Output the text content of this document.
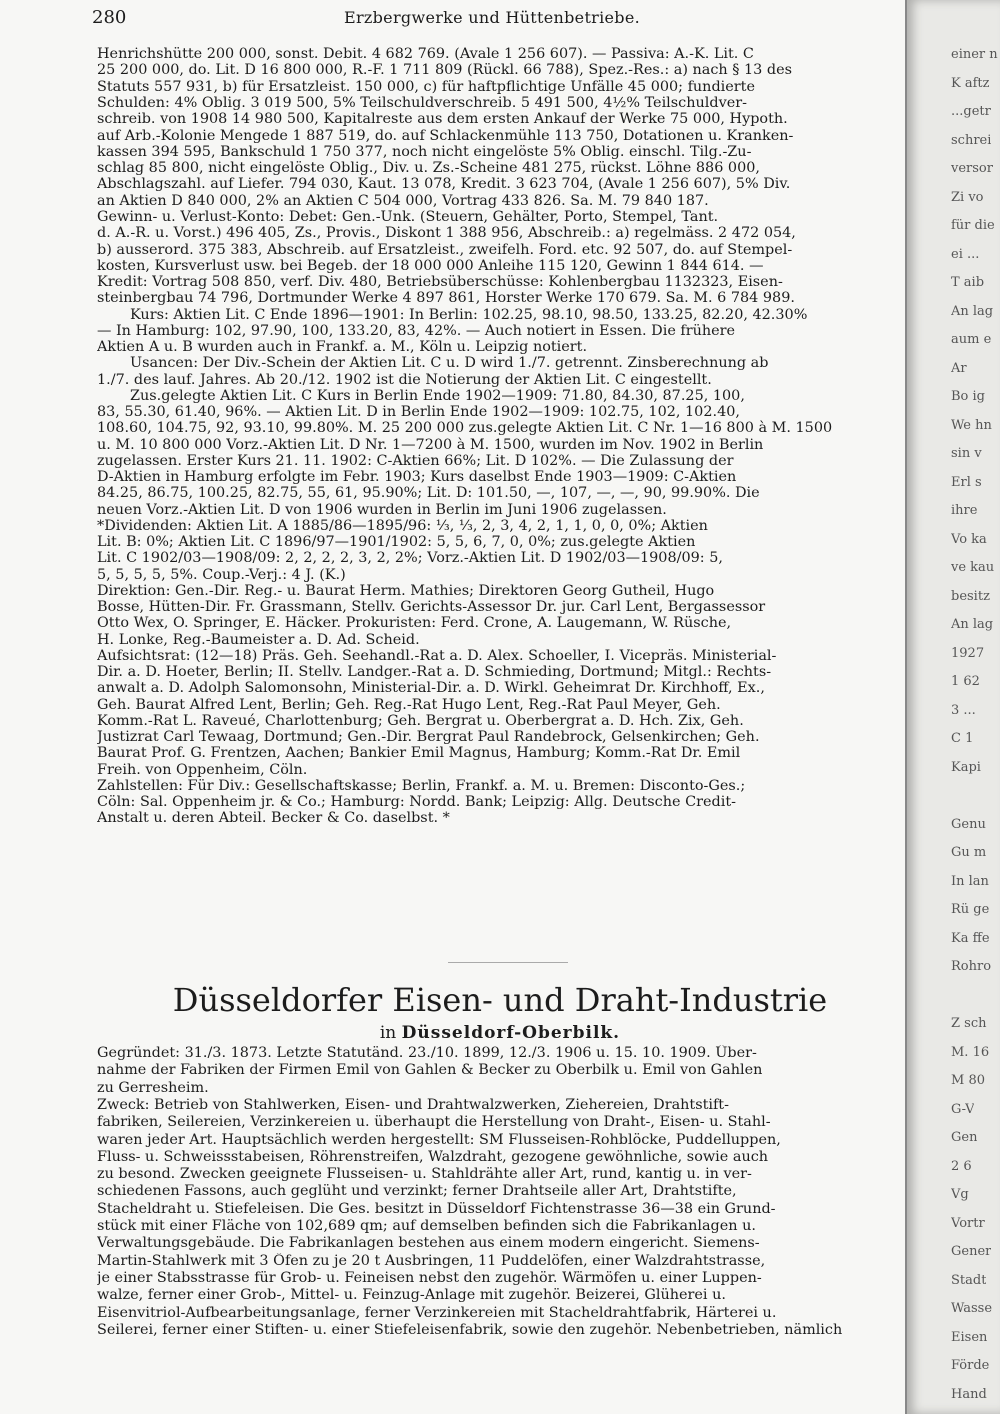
280	Erzbergwerke und Hüttenbetriebe.
Henrichshütte 200 000, sonst. Debit. 4 682 769. (Avale 1 256 607). — Passiva: A.-K. Lit. C
25 200 000, do. Lit. D 16 800 000, R.-F. 1 711 809 (Rückl. 66 788), Spez.-Res.: a) nach § 13 des
Statuts 557 931, b) für Ersatzleist. 150 000, c) für haftpflichtige Unfälle 45 000; fundierte
Schulden: 4% Oblig. 3 019 500, 5% Teilschuldverschreib. 5 491 500, 4½% Teilschuldver-
schreib. von 1908 14 980 500, Kapitalreste aus dem ersten Ankauf der Werke 75 000, Hypoth.
auf Arb.-Kolonie Mengede 1 887 519, do. auf Schlackenmühle 113 750, Dotationen u. Kranken-
kassen 394 595, Bankschuld 1 750 377, noch nicht eingelöste 5% Oblig. einschl. Tilg.-Zu-
schlag 85 800, nicht eingelöste Oblig., Div. u. Zs.-Scheine 481 275, rückst. Löhne 886 000,
Abschlagszahl. auf Liefer. 794 030, Kaut. 13 078, Kredit. 3 623 704, (Avale 1 256 607), 5% Div.
an Aktien D 840 000, 2% an Aktien C 504 000, Vortrag 433 826. Sa. M. 79 840 187.
Gewinn- u. Verlust-Konto: Debet: Gen.-Unk. (Steuern, Gehälter, Porto, Stempel, Tant.
d. A.-R. u. Vorst.) 496 405, Zs., Provis., Diskont 1 388 956, Abschreib.: a) regelmäss. 2 472 054,
b) ausserord. 375 383, Abschreib. auf Ersatzleist., zweifelh. Ford. etc. 92 507, do. auf Stempel-
kosten, Kursverlust usw. bei Begeb. der 18 000 000 Anleihe 115 120, Gewinn 1 844 614. —
Kredit: Vortrag 508 850, verf. Div. 480, Betriebsüberschüsse: Kohlenbergbau 1132323, Eisen-
steinbergbau 74 796, Dortmunder Werke 4 897 861, Horster Werke 170 679. Sa. M. 6 784 989.
Kurs: Aktien Lit. C Ende 1896—1901: In Berlin: 102.25, 98.10, 98.50, 133.25, 82.20, 42.30%
— In Hamburg: 102, 97.90, 100, 133.20, 83, 42%. — Auch notiert in Essen. Die frühere
Aktien A u. B wurden auch in Frankf. a. M., Köln u. Leipzig notiert.
Usancen: Der Div.-Schein der Aktien Lit. C u. D wird 1./7. getrennt. Zinsberechnung ab
1./7. des lauf. Jahres. Ab 20./12. 1902 ist die Notierung der Aktien Lit. C eingestellt.
Zus.gelegte Aktien Lit. C Kurs in Berlin Ende 1902—1909: 71.80, 84.30, 87.25, 100,
83, 55.30, 61.40, 96%. — Aktien Lit. D in Berlin Ende 1902—1909: 102.75, 102, 102.40,
108.60, 104.75, 92, 93.10, 99.80%. M. 25 200 000 zus.gelegte Aktien Lit. C Nr. 1—16 800 à M. 1500
u. M. 10 800 000 Vorz.-Aktien Lit. D Nr. 1—7200 à M. 1500, wurden im Nov. 1902 in Berlin
zugelassen. Erster Kurs 21. 11. 1902: C-Aktien 66%; Lit. D 102%. — Die Zulassung der
D-Aktien in Hamburg erfolgte im Febr. 1903; Kurs daselbst Ende 1903—1909: C-Aktien
84.25, 86.75, 100.25, 82.75, 55, 61, 95.90%; Lit. D: 101.50, —, 107, —, —, 90, 99.90%. Die
neuen Vorz.-Aktien Lit. D von 1906 wurden in Berlin im Juni 1906 zugelassen.
*Dividenden: Aktien Lit. A 1885/86—1895/96: ⅓, ⅓, 2, 3, 4, 2, 1, 1, 0, 0, 0%; Aktien
Lit. B: 0%; Aktien Lit. C 1896/97—1901/1902: 5, 5, 6, 7, 0, 0%; zus.gelegte Aktien
Lit. C 1902/03—1908/09: 2, 2, 2, 2, 3, 2, 2%; Vorz.-Aktien Lit. D 1902/03—1908/09: 5,
5, 5, 5, 5, 5%. Coup.-Verj.: 4 J. (K.)
Direktion: Gen.-Dir. Reg.- u. Baurat Herm. Mathies; Direktoren Georg Gutheil, Hugo
Bosse, Hütten-Dir. Fr. Grassmann, Stellv. Gerichts-Assessor Dr. jur. Carl Lent, Bergassessor
Otto Wex, O. Springer, E. Häcker. Prokuristen: Ferd. Crone, A. Laugemann, W. Rüsche,
H. Lonke, Reg.-Baumeister a. D. Ad. Scheid.
Aufsichtsrat: (12—18) Präs. Geh. Seehandl.-Rat a. D. Alex. Schoeller, I. Vicepräs. Ministerial-
Dir. a. D. Hoeter, Berlin; II. Stellv. Landger.-Rat a. D. Schmieding, Dortmund; Mitgl.: Rechts-
anwalt a. D. Adolph Salomonsohn, Ministerial-Dir. a. D. Wirkl. Geheimrat Dr. Kirchhoff, Ex.,
Geh. Baurat Alfred Lent, Berlin; Geh. Reg.-Rat Hugo Lent, Reg.-Rat Paul Meyer, Geh.
Komm.-Rat L. Raveué, Charlottenburg; Geh. Bergrat u. Oberbergrat a. D. Hch. Zix, Geh.
Justizrat Carl Tewaag, Dortmund; Gen.-Dir. Bergrat Paul Randebrock, Gelsenkirchen; Geh.
Baurat Prof. G. Frentzen, Aachen; Bankier Emil Magnus, Hamburg; Komm.-Rat Dr. Emil
Freih. von Oppenheim, Cöln.
Zahlstellen: Für Div.: Gesellschaftskasse; Berlin, Frankf. a. M. u. Bremen: Disconto-Ges.;
Cöln: Sal. Oppenheim jr. & Co.; Hamburg: Nordd. Bank; Leipzig: Allg. Deutsche Credit-
Anstalt u. deren Abteil. Becker & Co. daselbst. *
Düsseldorfer Eisen- und Draht-Industrie
in Düsseldorf-Oberbilk.
Gegründet: 31./3. 1873. Letzte Statutänd. 23./10. 1899, 12./3. 1906 u. 15. 10. 1909. Über-
nahme der Fabriken der Firmen Emil von Gahlen & Becker zu Oberbilk u. Emil von Gahlen
zu Gerresheim.
Zweck: Betrieb von Stahlwerken, Eisen- und Drahtwalzwerken, Ziehereien, Drahtstift-
fabriken, Seilereien, Verzinkereien u. überhaupt die Herstellung von Draht-, Eisen- u. Stahl-
waren jeder Art. Hauptsächlich werden hergestellt: SM Flusseisen-Rohblöcke, Puddelluppen,
Fluss- u. Schweissstabeisen, Röhrenstreifen, Walzdraht, gezogene gewöhnliche, sowie auch
zu besond. Zwecken geeignete Flusseisen- u. Stahldrähte aller Art, rund, kantig u. in ver-
schiedenen Fassons, auch geglüht und verzinkt; ferner Drahtseile aller Art, Drahtstifte,
Stacheldraht u. Stiefeleisen. Die Ges. besitzt in Düsseldorf Fichtenstrasse 36—38 ein Grund-
stück mit einer Fläche von 102,689 qm; auf demselben befinden sich die Fabrikanlagen u.
Verwaltungsgebäude. Die Fabrikanlagen bestehen aus einem modern eingericht. Siemens-
Martin-Stahlwerk mit 3 Öfen zu je 20 t Ausbringen, 11 Puddelöfen, einer Walzdrahtstrasse,
je einer Stabsstrasse für Grob- u. Feineisen nebst den zugehör. Wärmöfen u. einer Luppen-
walze, ferner einer Grob-, Mittel- u. Feinzug-Anlage mit zugehör. Beizerei, Glüherei u.
Eisenvitriol-Aufbearbeitungsanlage, ferner Verzinkereien mit Stacheldrahtfabrik, Härterei u.
Seilerei, ferner einer Stiften- u. einer Stiefeleisenfabrik, sowie den zugehör. Nebenbetrieben, nämlich
einer n
K aftz
...getr
schrei
versor
Zi vo
für die
ei ...
T aib
An lag
aum e
Ar
Bo ig
We hn
sin v
Erl s
ihre
Vo ka
ve kau
besitz
An lag
1927
1 62
3 ...
C 1
Kapi
Genu
Gu m
In lan
Rü ge
Ka ffe
Rohro
Z sch
M. 16
M 80
G-V
Gen
2 6
Vg
Vortr
Gener
Stadt
Wasse
Eisen
Förde
Hand
